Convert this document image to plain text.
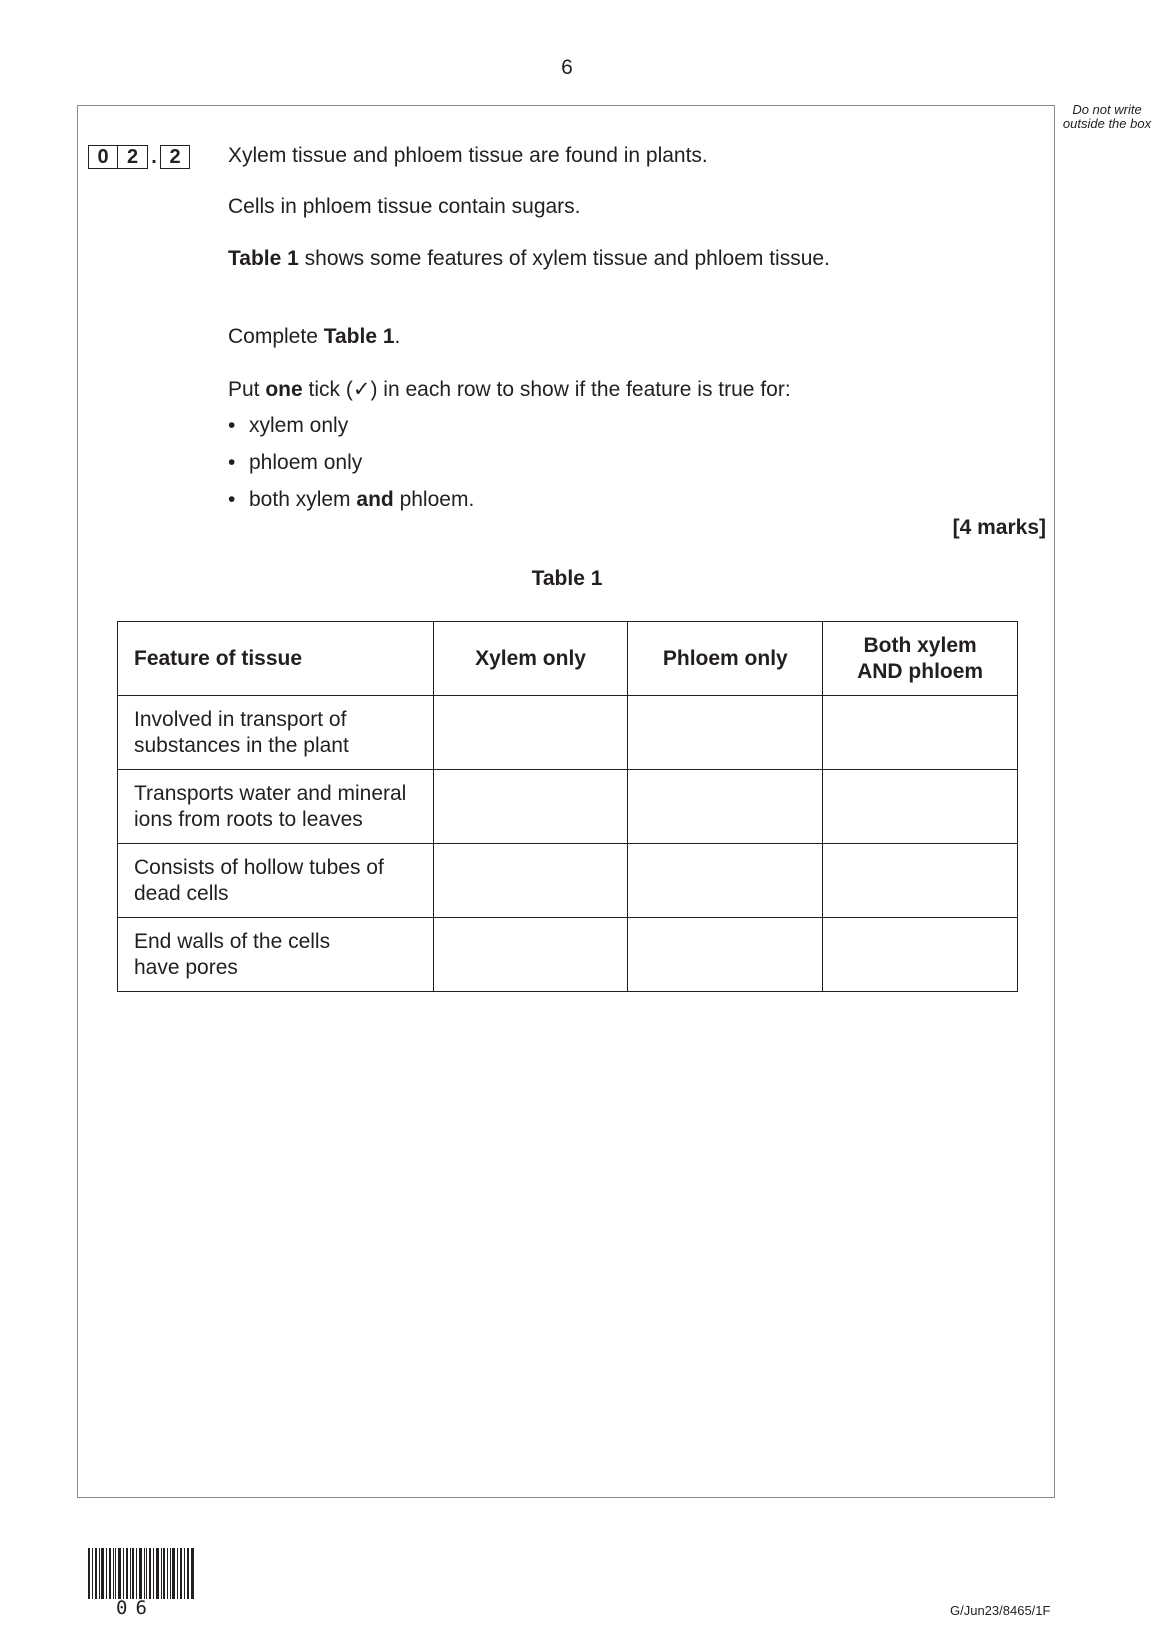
6
Do not write outside the box
0 2 . 2	Xylem tissue and phloem tissue are found in plants.
Cells in phloem tissue contain sugars.
Table 1 shows some features of xylem tissue and phloem tissue.
Complete Table 1.
Put one tick (✓) in each row to show if the feature is true for:
• xylem only
• phloem only
• both xylem and phloem.
[4 marks]
Table 1
Feature of tissue	Xylem only	Phloem only	Both xylem
AND phloem
Involved in transport of
substances in the plant			
Transports water and mineral
ions from roots to leaves			
Consists of hollow tubes of
dead cells			
End walls of the cells
have pores			
06	G/Jun23/8465/1F
